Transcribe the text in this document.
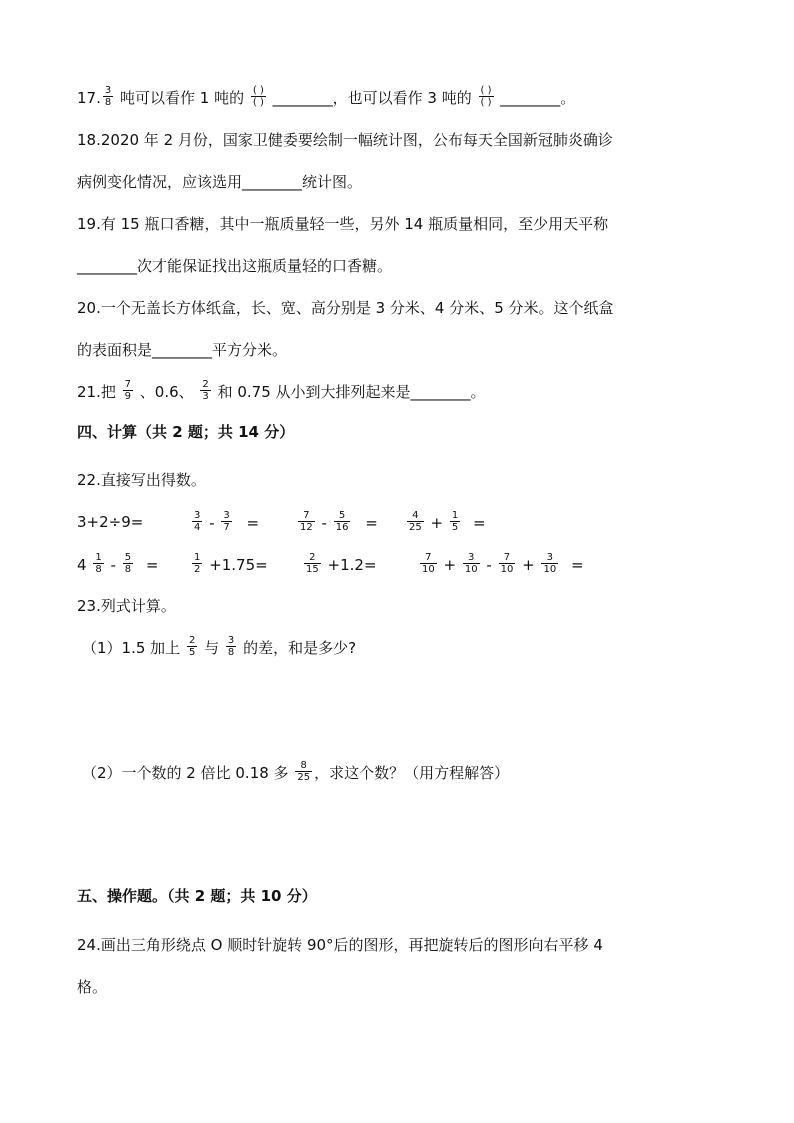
17. $\frac{3}{8}$ 吨可以看作 1 吨的 $\frac{( )}{( )}$ ________，也可以看作 3 吨的 $\frac{( )}{( )}$ ________。
18.2020 年 2 月份，国家卫健委要绘制一幅统计图，公布每天全国新冠肺炎确诊
病例变化情况，应该选用________统计图。
19.有 15 瓶口香糖，其中一瓶质量轻一些，另外 14 瓶质量相同，至少用天平称
________次才能保证找出这瓶质量轻的口香糖。
20.一个无盖长方体纸盒，长、宽、高分别是 3 分米、4 分米、5 分米。这个纸盒
的表面积是________平方分米。
21.把 $\frac{7}{9}$ 、0.6、 $\frac{2}{3}$ 和 0.75 从小到大排列起来是________。
四、计算（共 2 题；共 14 分）
22.直接写出得数。
3+2÷9=	$\frac{3}{4} - \frac{3}{7}$ =	$\frac{7}{12} - \frac{5}{16}$ =	$\frac{4}{25} + \frac{1}{5}$ =
$4 \frac{1}{8} - \frac{5}{8}$ =	$\frac{1}{2} +1.75=$	$\frac{2}{15} +1.2=$	$\frac{7}{10} + \frac{3}{10} - \frac{7}{10} + \frac{3}{10}$ =
23.列式计算。
（1）1.5 加上 $\frac{2}{5}$ 与 $\frac{3}{8}$ 的差，和是多少?
（2）一个数的 2 倍比 0.18 多 $\frac{8}{25}$ ，求这个数？（用方程解答）
五、操作题。（共 2 题；共 10 分）
24.画出三角形绕点 O 顺时针旋转 90°后的图形，再把旋转后的图形向右平移 4
格。
